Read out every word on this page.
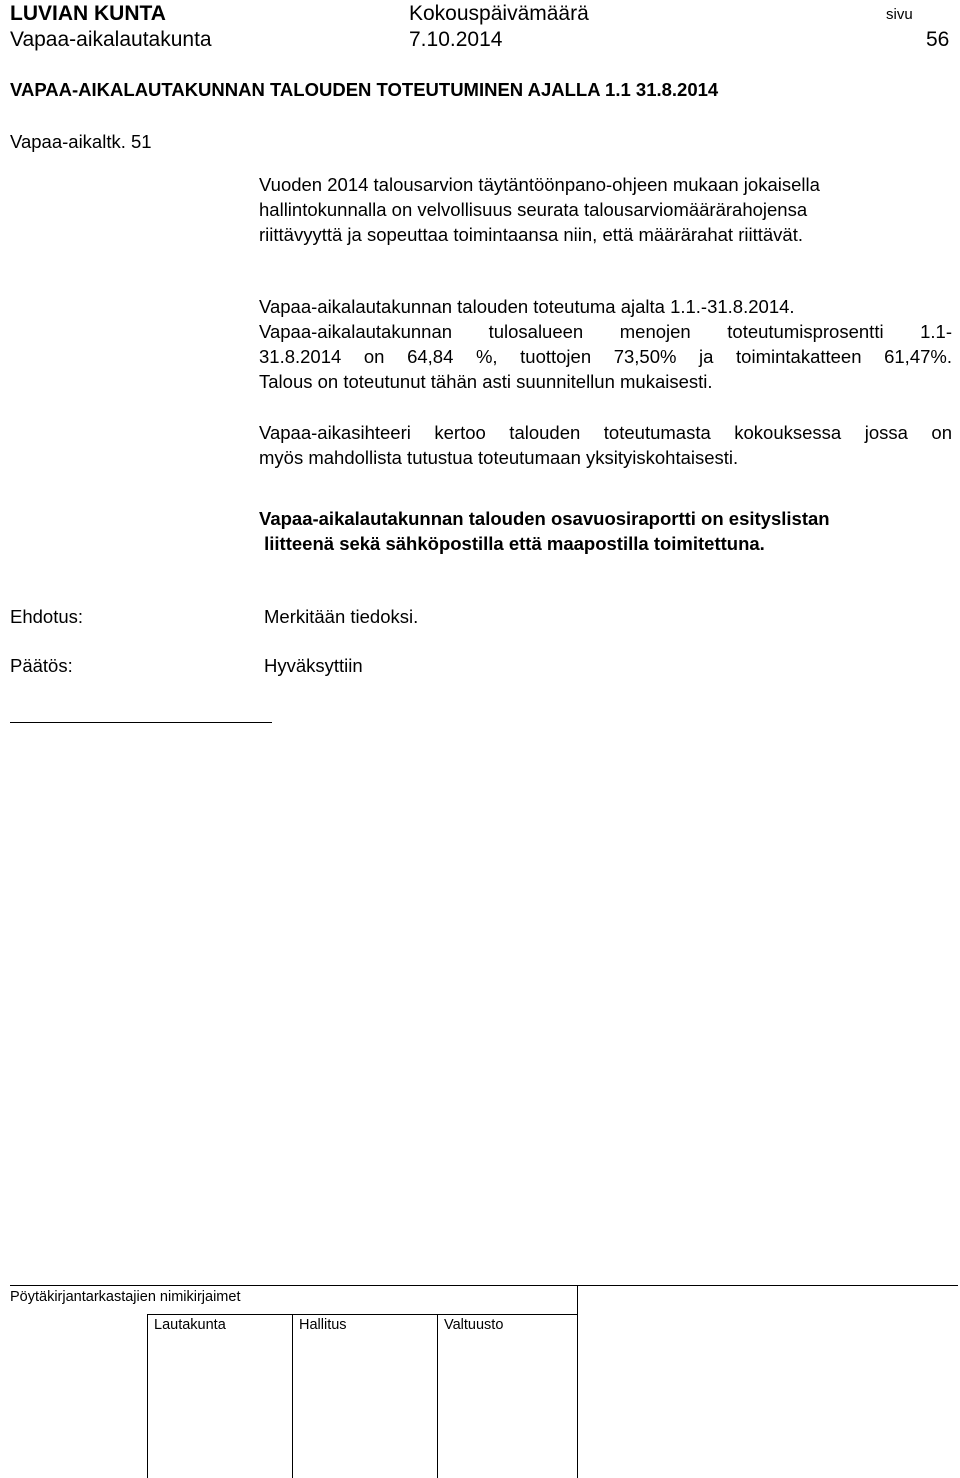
LUVIAN KUNTA	Kokouspäivämäärä	sivu
Vapaa-aikalautakunta	7.10.2014	56
VAPAA-AIKALAUTAKUNNAN TALOUDEN TOTEUTUMINEN AJALLA 1.1 31.8.2014
Vapaa-aikaltk. 51
Vuoden 2014 talousarvion täytäntöönpano-ohjeen mukaan jokaisella
hallintokunnalla on velvollisuus seurata talousarviomäärärahojensa
riittävyyttä ja sopeuttaa toimintaansa niin, että määrärahat riittävät.
Vapaa-aikalautakunnan talouden toteutuma ajalta 1.1.-31.8.2014.
Vapaa-aikalautakunnan tulosalueen menojen toteutumisprosentti 1.1-
31.8.2014 on 64,84 %, tuottojen 73,50% ja toimintakatteen 61,47%.
Talous on toteutunut tähän asti suunnitellun mukaisesti.
Vapaa-aikasihteeri kertoo talouden toteutumasta kokouksessa jossa on
myös mahdollista tutustua toteutumaan yksityiskohtaisesti.
Vapaa-aikalautakunnan talouden osavuosiraportti on esityslistan
liitteenä sekä sähköpostilla että maapostilla toimitettuna.
Ehdotus:	Merkitään tiedoksi.
Päätös:	Hyväksyttiin
Pöytäkirjantarkastajien nimikirjaimet
Lautakunta	Hallitus	Valtuusto
